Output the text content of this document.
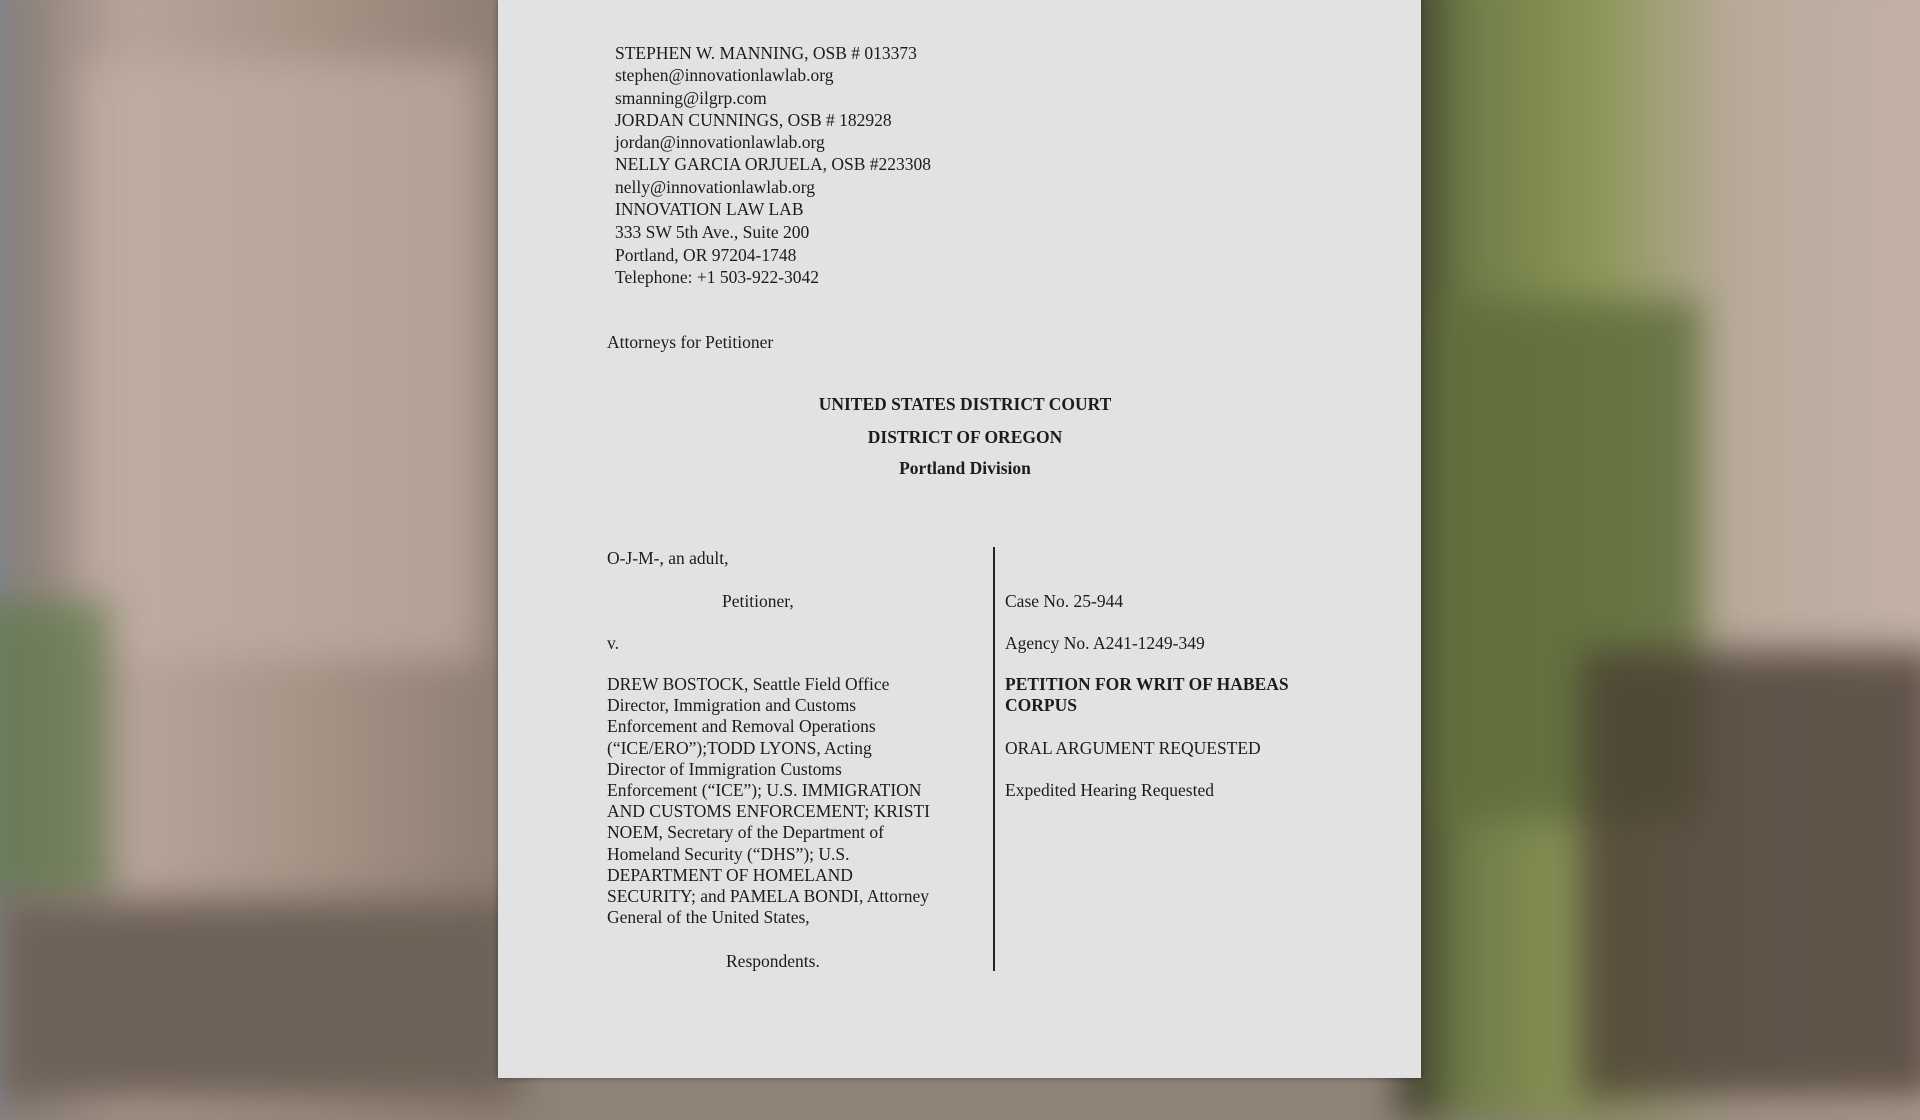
STEPHEN W. MANNING, OSB # 013373
stephen@innovationlawlab.org
smanning@ilgrp.com
JORDAN CUNNINGS, OSB # 182928
jordan@innovationlawlab.org
NELLY GARCIA ORJUELA, OSB #223308
nelly@innovationlawlab.org
INNOVATION LAW LAB
333 SW 5th Ave., Suite 200
Portland, OR 97204-1748
Telephone: +1 503-922-3042
Attorneys for Petitioner
UNITED STATES DISTRICT COURT
DISTRICT OF OREGON
Portland Division
O-J-M-, an adult,
Petitioner,
v.
DREW BOSTOCK, Seattle Field Office
Director, Immigration and Customs
Enforcement and Removal Operations
(“ICE/ERO”);TODD LYONS, Acting
Director of Immigration Customs
Enforcement (“ICE”); U.S. IMMIGRATION
AND CUSTOMS ENFORCEMENT; KRISTI
NOEM, Secretary of the Department of
Homeland Security (“DHS”); U.S.
DEPARTMENT OF HOMELAND
SECURITY; and PAMELA BONDI, Attorney
General of the United States,
Respondents.
Case No. 25-944
Agency No. A241-1249-349
PETITION FOR WRIT OF HABEAS
CORPUS
ORAL ARGUMENT REQUESTED
Expedited Hearing Requested
